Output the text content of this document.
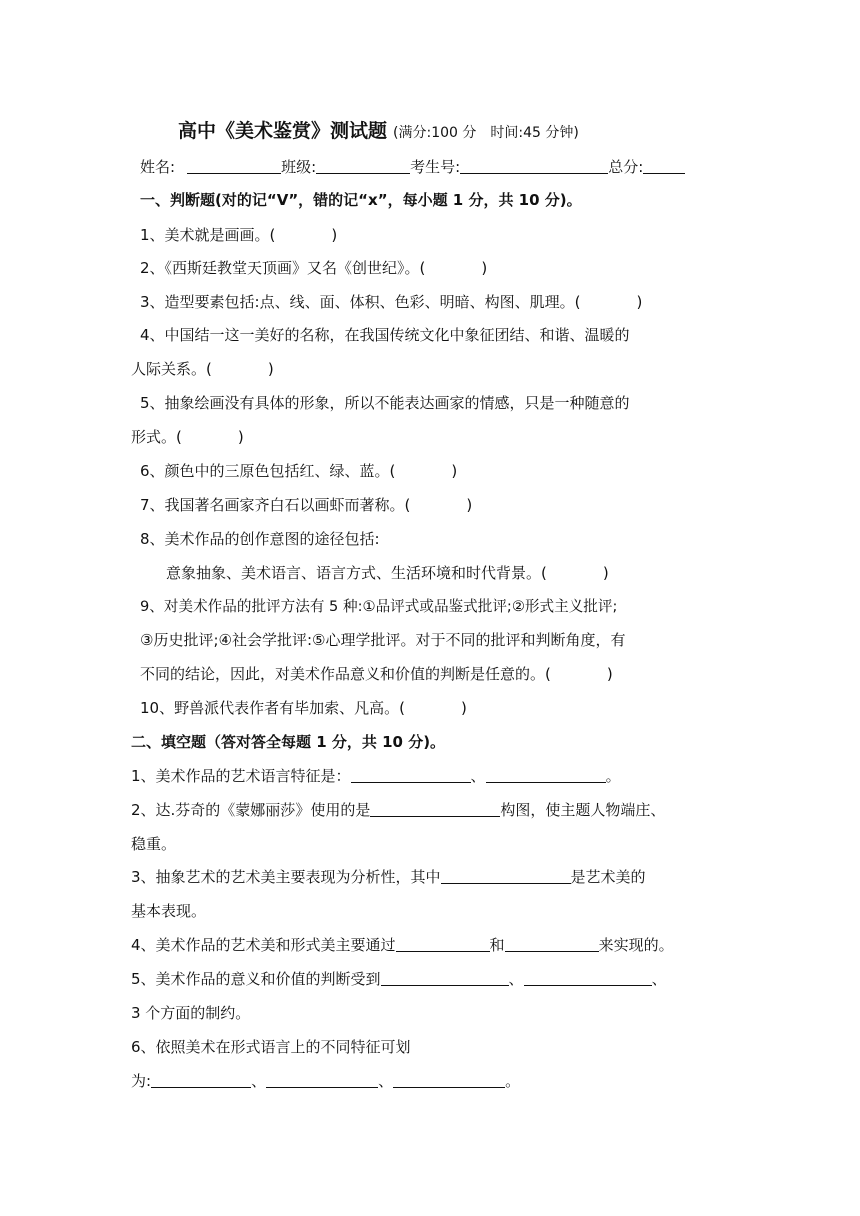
高中《美术鉴赏》测试题 (满分:100 分　时间:45 分钟)
姓名:	班级:	考生号:	总分:
一、判断题(对的记“V”，错的记“x”，每小题 1 分，共 10 分)。
1、美术就是画画。(	)
2、《西斯廷教堂天顶画》又名《创世纪》。(	)
3、造型要素包括:点、线、面、体积、色彩、明暗、构图、肌理。(	)
4、中国结一这一美好的名称，在我国传统文化中象征团结、和谐、温暖的
人际关系。(	)
5、抽象绘画没有具体的形象，所以不能表达画家的情感，只是一种随意的
形式。(	)
6、颜色中的三原色包括红、绿、蓝。(	)
7、我国著名画家齐白石以画虾而著称。(	)
8、美术作品的创作意图的途径包括:
意象抽象、美术语言、语言方式、生活环境和时代背景。(	)
9、对美术作品的批评方法有 5 种:①品评式或品鉴式批评;②形式主义批评;
③历史批评;④社会学批评:⑤心理学批评。对于不同的批评和判断角度，有
不同的结论，因此，对美术作品意义和价值的判断是任意的。(	)
10、野兽派代表作者有毕加索、凡高。(	)
二、填空题（答对答全每题 1 分，共 10 分)。
1、美术作品的艺术语言特征是：	、	。
2、达.芬奇的《蒙娜丽莎》使用的是	构图，使主题人物端庄、
稳重。
3、抽象艺术的艺术美主要表现为分析性，其中	是艺术美的
基本表现。
4、美术作品的艺术美和形式美主要通过	和	来实现的。
5、美术作品的意义和价值的判断受到	、	、
3 个方面的制约。
6、依照美术在形式语言上的不同特征可划
为:	、	、	。
